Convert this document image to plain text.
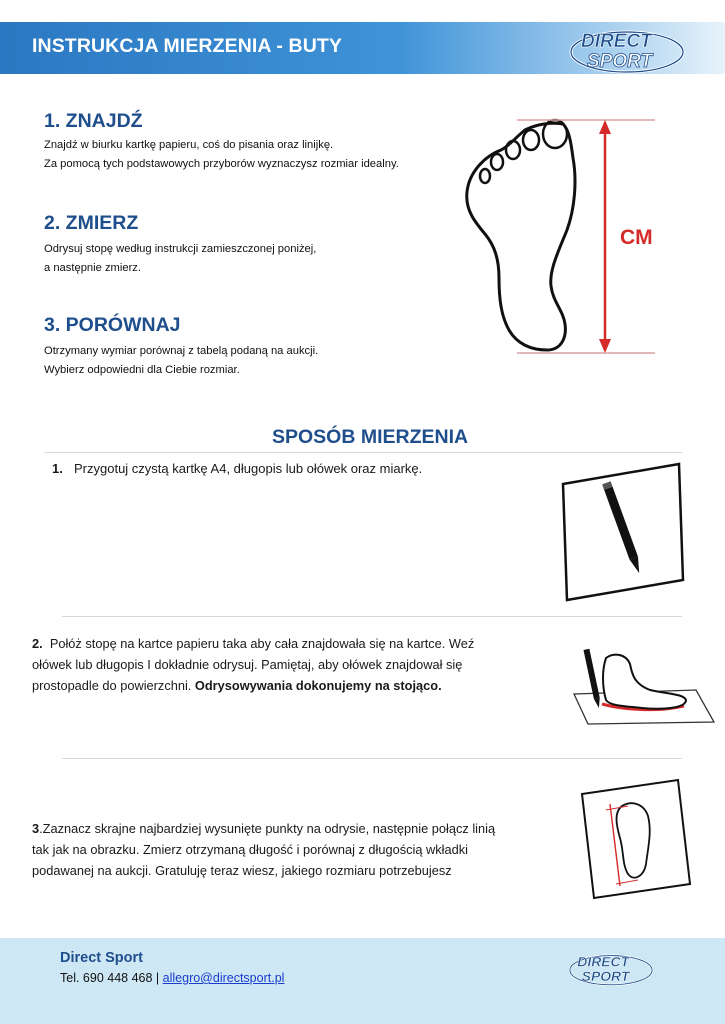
INSTRUKCJA MIERZENIA - BUTY	DIRECT
SPORT
1. ZNAJDŹ
Znajdź w biurku kartkę papieru, coś do pisania oraz linijkę.
Za pomocą tych podstawowych przyborów wyznaczysz rozmiar idealny.
2. ZMIERZ
Odrysuj stopę według instrukcji zamieszczonej poniżej,
a następnie zmierz.
3. PORÓWNAJ
Otrzymany wymiar porównaj z tabelą podaną na aukcji.
Wybierz odpowiedni dla Ciebie rozmiar.
CM
SPOSÓB MIERZENIA
1. Przygotuj czystą kartkę A4, długopis lub ołówek oraz miarkę.
2. Połóż stopę na kartce papieru taka aby cała znajdowała się na kartce. Weź
ołówek lub długopis I dokładnie odrysuj. Pamiętaj, aby ołówek znajdował się
prostopadle do powierzchni. Odrysowywania dokonujemy na stojąco.
3.Zaznacz skrajne najbardziej wysunięte punkty na odrysie, następnie połącz linią
tak jak na obrazku. Zmierz otrzymaną długość i porównaj z długością wkładki
podawanej na aukcji. Gratuluję teraz wiesz, jakiego rozmiaru potrzebujesz
Direct Sport
Tel. 690 448 468 | allegro@directsport.pl
DIRECT
SPORT
